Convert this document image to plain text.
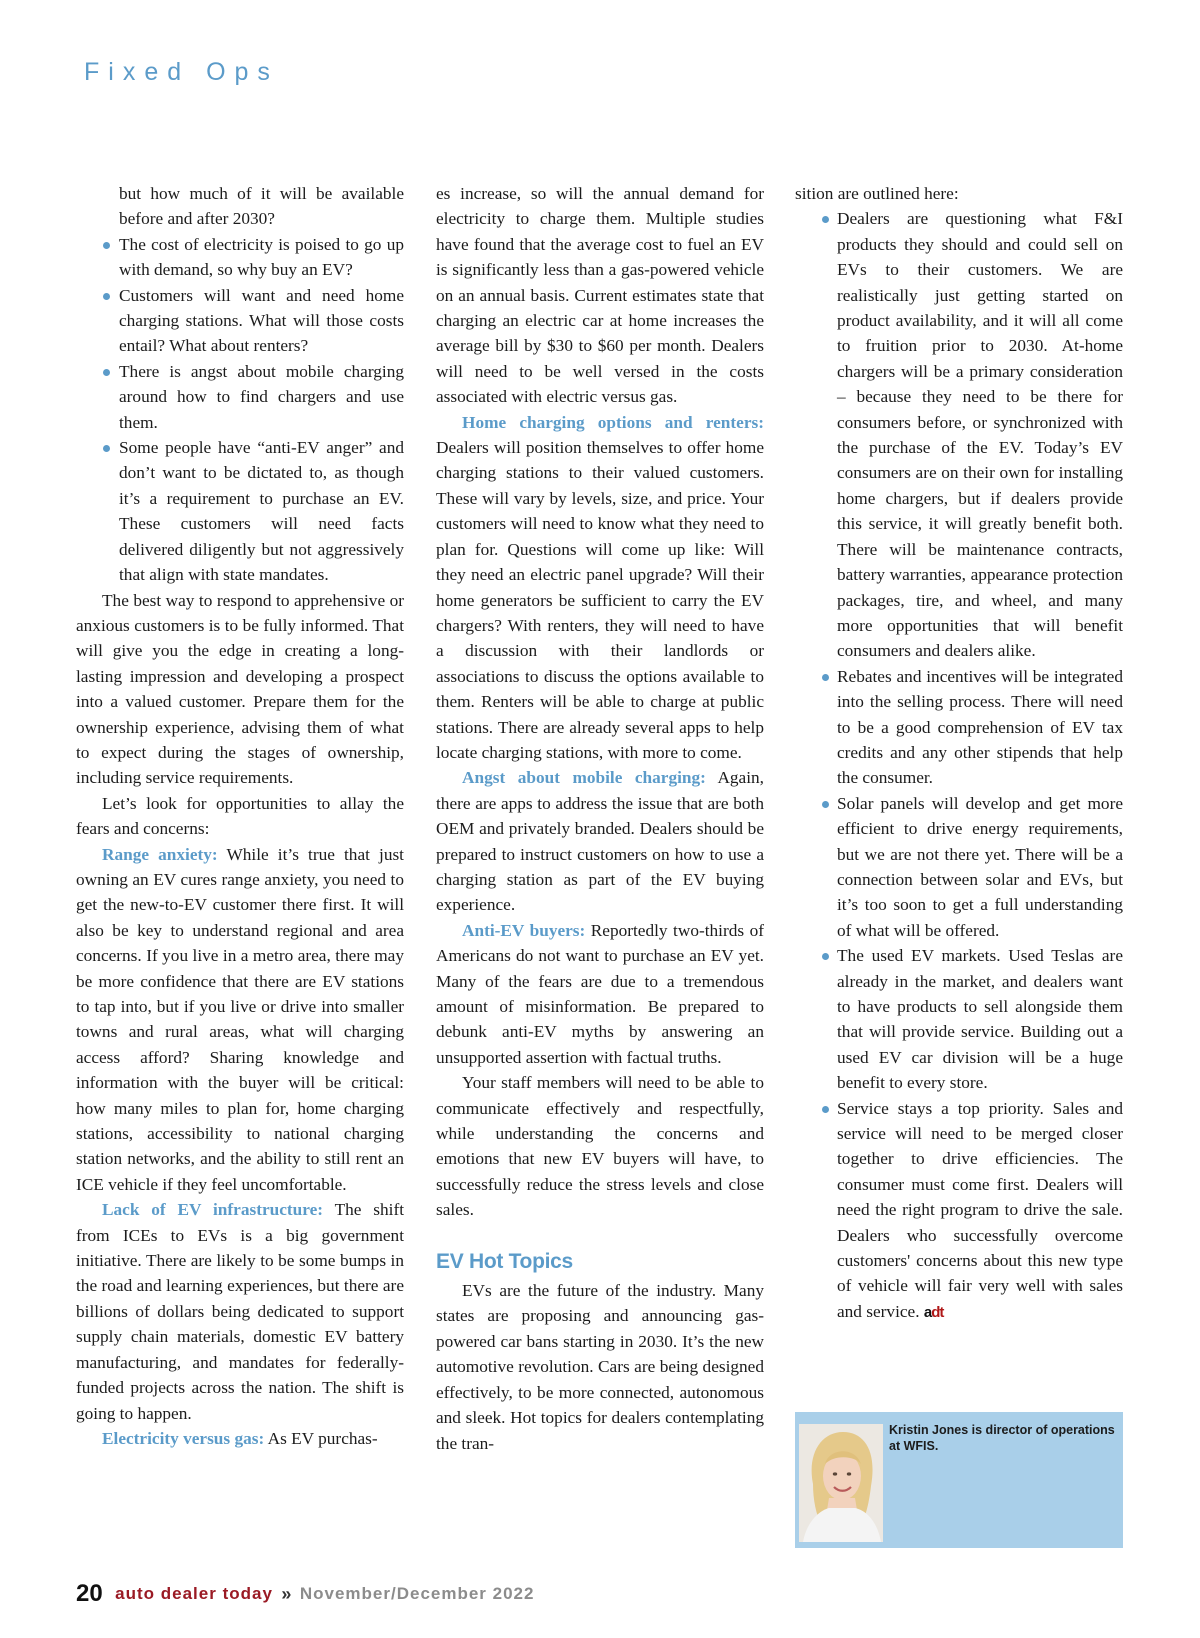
Fixed Ops
but how much of it will be available before and after 2030?
The cost of electricity is poised to go up with demand, so why buy an EV?
Customers will want and need home charging stations. What will those costs entail? What about renters?
There is angst about mobile charging around how to find chargers and use them.
Some people have “anti-EV anger” and don’t want to be dictated to, as though it’s a requirement to purchase an EV. These customers will need facts delivered diligently but not aggressively that align with state mandates.

The best way to respond to apprehensive or anxious customers is to be fully informed. That will give you the edge in creating a long-lasting impression and developing a prospect into a valued customer. Prepare them for the ownership experience, advising them of what to expect during the stages of ownership, including service requirements.

Let’s look for opportunities to allay the fears and concerns:

Range anxiety: While it’s true that just owning an EV cures range anxiety, you need to get the new-to-EV customer there first. It will also be key to understand regional and area concerns. If you live in a metro area, there may be more confidence that there are EV stations to tap into, but if you live or drive into smaller towns and rural areas, what will charging access afford? Sharing knowledge and information with the buyer will be critical: how many miles to plan for, home charging stations, accessibility to national charging station networks, and the ability to still rent an ICE vehicle if they feel uncomfortable.

Lack of EV infrastructure: The shift from ICEs to EVs is a big government initiative. There are likely to be some bumps in the road and learning experiences, but there are billions of dollars being dedicated to support supply chain materials, domestic EV battery manufacturing, and mandates for federally-funded projects across the nation. The shift is going to happen.

Electricity versus gas: As EV purchas-

es increase, so will the annual demand for electricity to charge them. Multiple studies have found that the average cost to fuel an EV is significantly less than a gas-powered vehicle on an annual basis. Current estimates state that charging an electric car at home increases the average bill by $30 to $60 per month. Dealers will need to be well versed in the costs associated with electric versus gas.

Home charging options and renters: Dealers will position themselves to offer home charging stations to their valued customers. These will vary by levels, size, and price. Your customers will need to know what they need to plan for. Questions will come up like: Will they need an electric panel upgrade? Will their home generators be sufficient to carry the EV chargers? With renters, they will need to have a discussion with their landlords or associations to discuss the options available to them. Renters will be able to charge at public stations. There are already several apps to help locate charging stations, with more to come.

Angst about mobile charging: Again, there are apps to address the issue that are both OEM and privately branded. Dealers should be prepared to instruct customers on how to use a charging station as part of the EV buying experience.

Anti-EV buyers: Reportedly two-thirds of Americans do not want to purchase an EV yet. Many of the fears are due to a tremendous amount of misinformation. Be prepared to debunk anti-EV myths by answering an unsupported assertion with factual truths.

Your staff members will need to be able to communicate effectively and respectfully, while understanding the concerns and emotions that new EV buyers will have, to successfully reduce the stress levels and close sales.

EV Hot Topics

EVs are the future of the industry. Many states are proposing and announcing gas-powered car bans starting in 2030. It’s the new automotive revolution. Cars are being designed effectively, to be more connected, autonomous and sleek. Hot topics for dealers contemplating the tran-

sition are outlined here:

Dealers are questioning what F&I products they should and could sell on EVs to their customers. We are realistically just getting started on product availability, and it will all come to fruition prior to 2030. At-home chargers will be a primary consideration – because they need to be there for consumers before, or synchronized with the purchase of the EV. Today’s EV consumers are on their own for installing home chargers, but if dealers provide this service, it will greatly benefit both. There will be maintenance contracts, battery warranties, appearance protection packages, tire, and wheel, and many more opportunities that will benefit consumers and dealers alike.
Rebates and incentives will be integrated into the selling process. There will need to be a good comprehension of EV tax credits and any other stipends that help the consumer.
Solar panels will develop and get more efficient to drive energy requirements, but we are not there yet. There will be a connection between solar and EVs, but it’s too soon to get a full understanding of what will be offered.
The used EV markets. Used Teslas are already in the market, and dealers want to have products to sell alongside them that will provide service. Building out a used EV car division will be a huge benefit to every store.
Service stays a top priority. Sales and service will need to be merged closer together to drive efficiencies. The consumer must come first. Dealers will need the right program to drive the sale. Dealers who successfully overcome customers' concerns about this new type of vehicle will fair very well with sales and service. adt
Kristin Jones is director of operations at WFIS.
20 auto dealer today » November/December 2022
